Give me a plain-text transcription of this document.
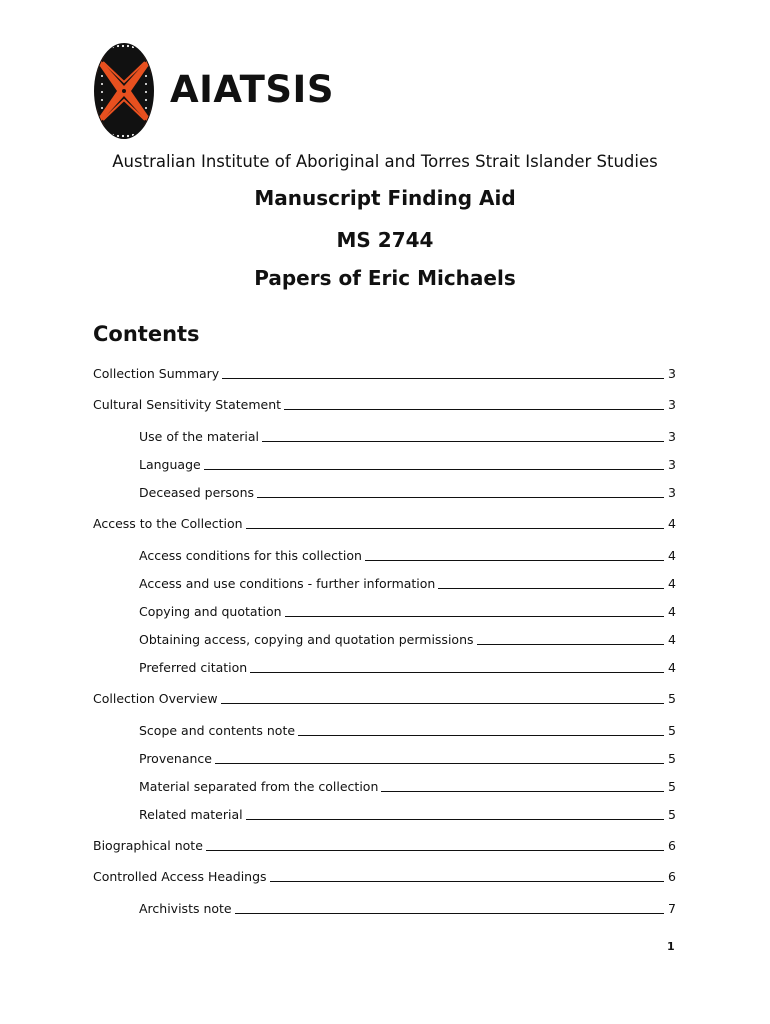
AIATSIS
Australian Institute of Aboriginal and Torres Strait Islander Studies
Manuscript Finding Aid
MS 2744
Papers of Eric Michaels
Contents
Collection Summary	3
Cultural Sensitivity Statement	3
Use of the material	3
Language	3
Deceased persons	3
Access to the Collection	4
Access conditions for this collection	4
Access and use conditions - further information	4
Copying and quotation	4
Obtaining access, copying and quotation permissions	4
Preferred citation	4
Collection Overview	5
Scope and contents note	5
Provenance	5
Material separated from the collection	5
Related material	5
Biographical note	6
Controlled Access Headings	6
Archivists note	7
1
